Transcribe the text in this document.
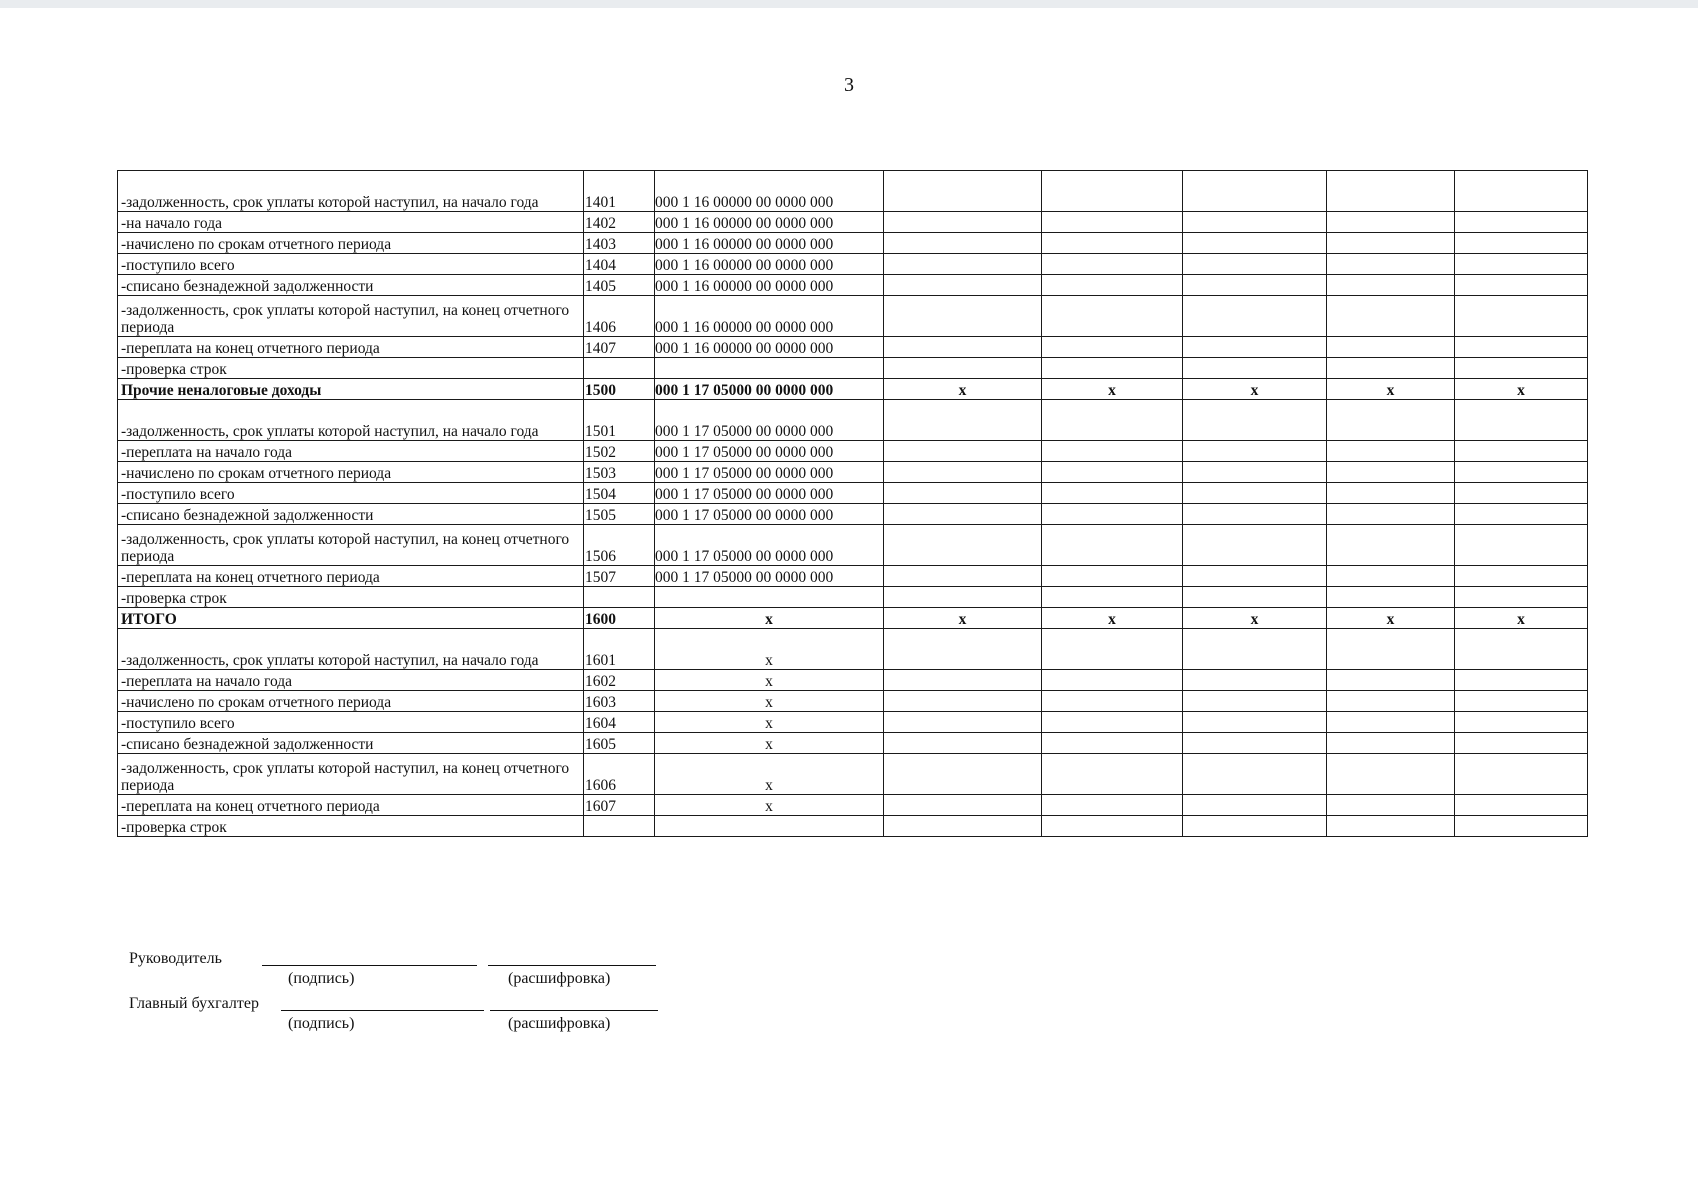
3
-задолженность, срок уплаты которой наступил, на начало года	1401	000 1 16 00000 00 0000 000					
-на начало года	1402	000 1 16 00000 00 0000 000					
-начислено по срокам отчетного периода	1403	000 1 16 00000 00 0000 000					
-поступило всего	1404	000 1 16 00000 00 0000 000					
-списано безнадежной задолженности	1405	000 1 16 00000 00 0000 000					
-задолженность, срок уплаты которой наступил, на конец отчетного периода	1406	000 1 16 00000 00 0000 000					
-переплата на конец отчетного периода	1407	000 1 16 00000 00 0000 000					
-проверка строк							
Прочие неналоговые доходы	1500	000 1 17 05000 00 0000 000	x	x	x	x	x
-задолженность, срок уплаты которой наступил, на начало года	1501	000 1 17 05000 00 0000 000					
-переплата на начало года	1502	000 1 17 05000 00 0000 000					
-начислено по срокам отчетного периода	1503	000 1 17 05000 00 0000 000					
-поступило всего	1504	000 1 17 05000 00 0000 000					
-списано безнадежной задолженности	1505	000 1 17 05000 00 0000 000					
-задолженность, срок уплаты которой наступил, на конец отчетного периода	1506	000 1 17 05000 00 0000 000					
-переплата на конец отчетного периода	1507	000 1 17 05000 00 0000 000					
-проверка строк							
ИТОГО	1600	x	x	x	x	x	x
-задолженность, срок уплаты которой наступил, на начало года	1601	x					
-переплата на начало года	1602	x					
-начислено по срокам отчетного периода	1603	x					
-поступило всего	1604	x					
-списано безнадежной задолженности	1605	x					
-задолженность, срок уплаты которой наступил, на конец отчетного периода	1606	x					
-переплата на конец отчетного периода	1607	x					
-проверка строк							
Руководитель
(подпись)	(расшифровка)
Главный бухгалтер
(подпись)	(расшифровка)
